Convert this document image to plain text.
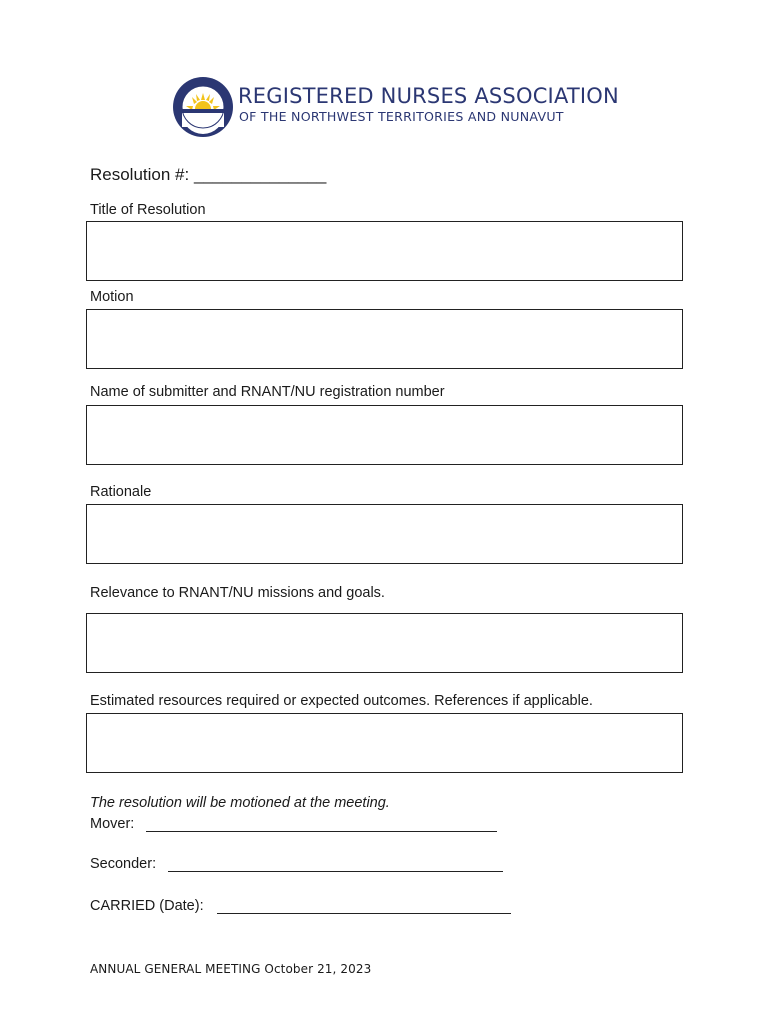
REGISTERED NURSES ASSOCIATION
OF THE NORTHWEST TERRITORIES AND NUNAVUT
Resolution #: ______________
Title of Resolution
Motion
Name of submitter and RNANT/NU registration number
Rationale
Relevance to RNANT/NU missions and goals.
Estimated resources required or expected outcomes. References if applicable.
The resolution will be motioned at the meeting.
Mover:
Seconder:
CARRIED (Date):
ANNUAL GENERAL MEETING October 21, 2023
